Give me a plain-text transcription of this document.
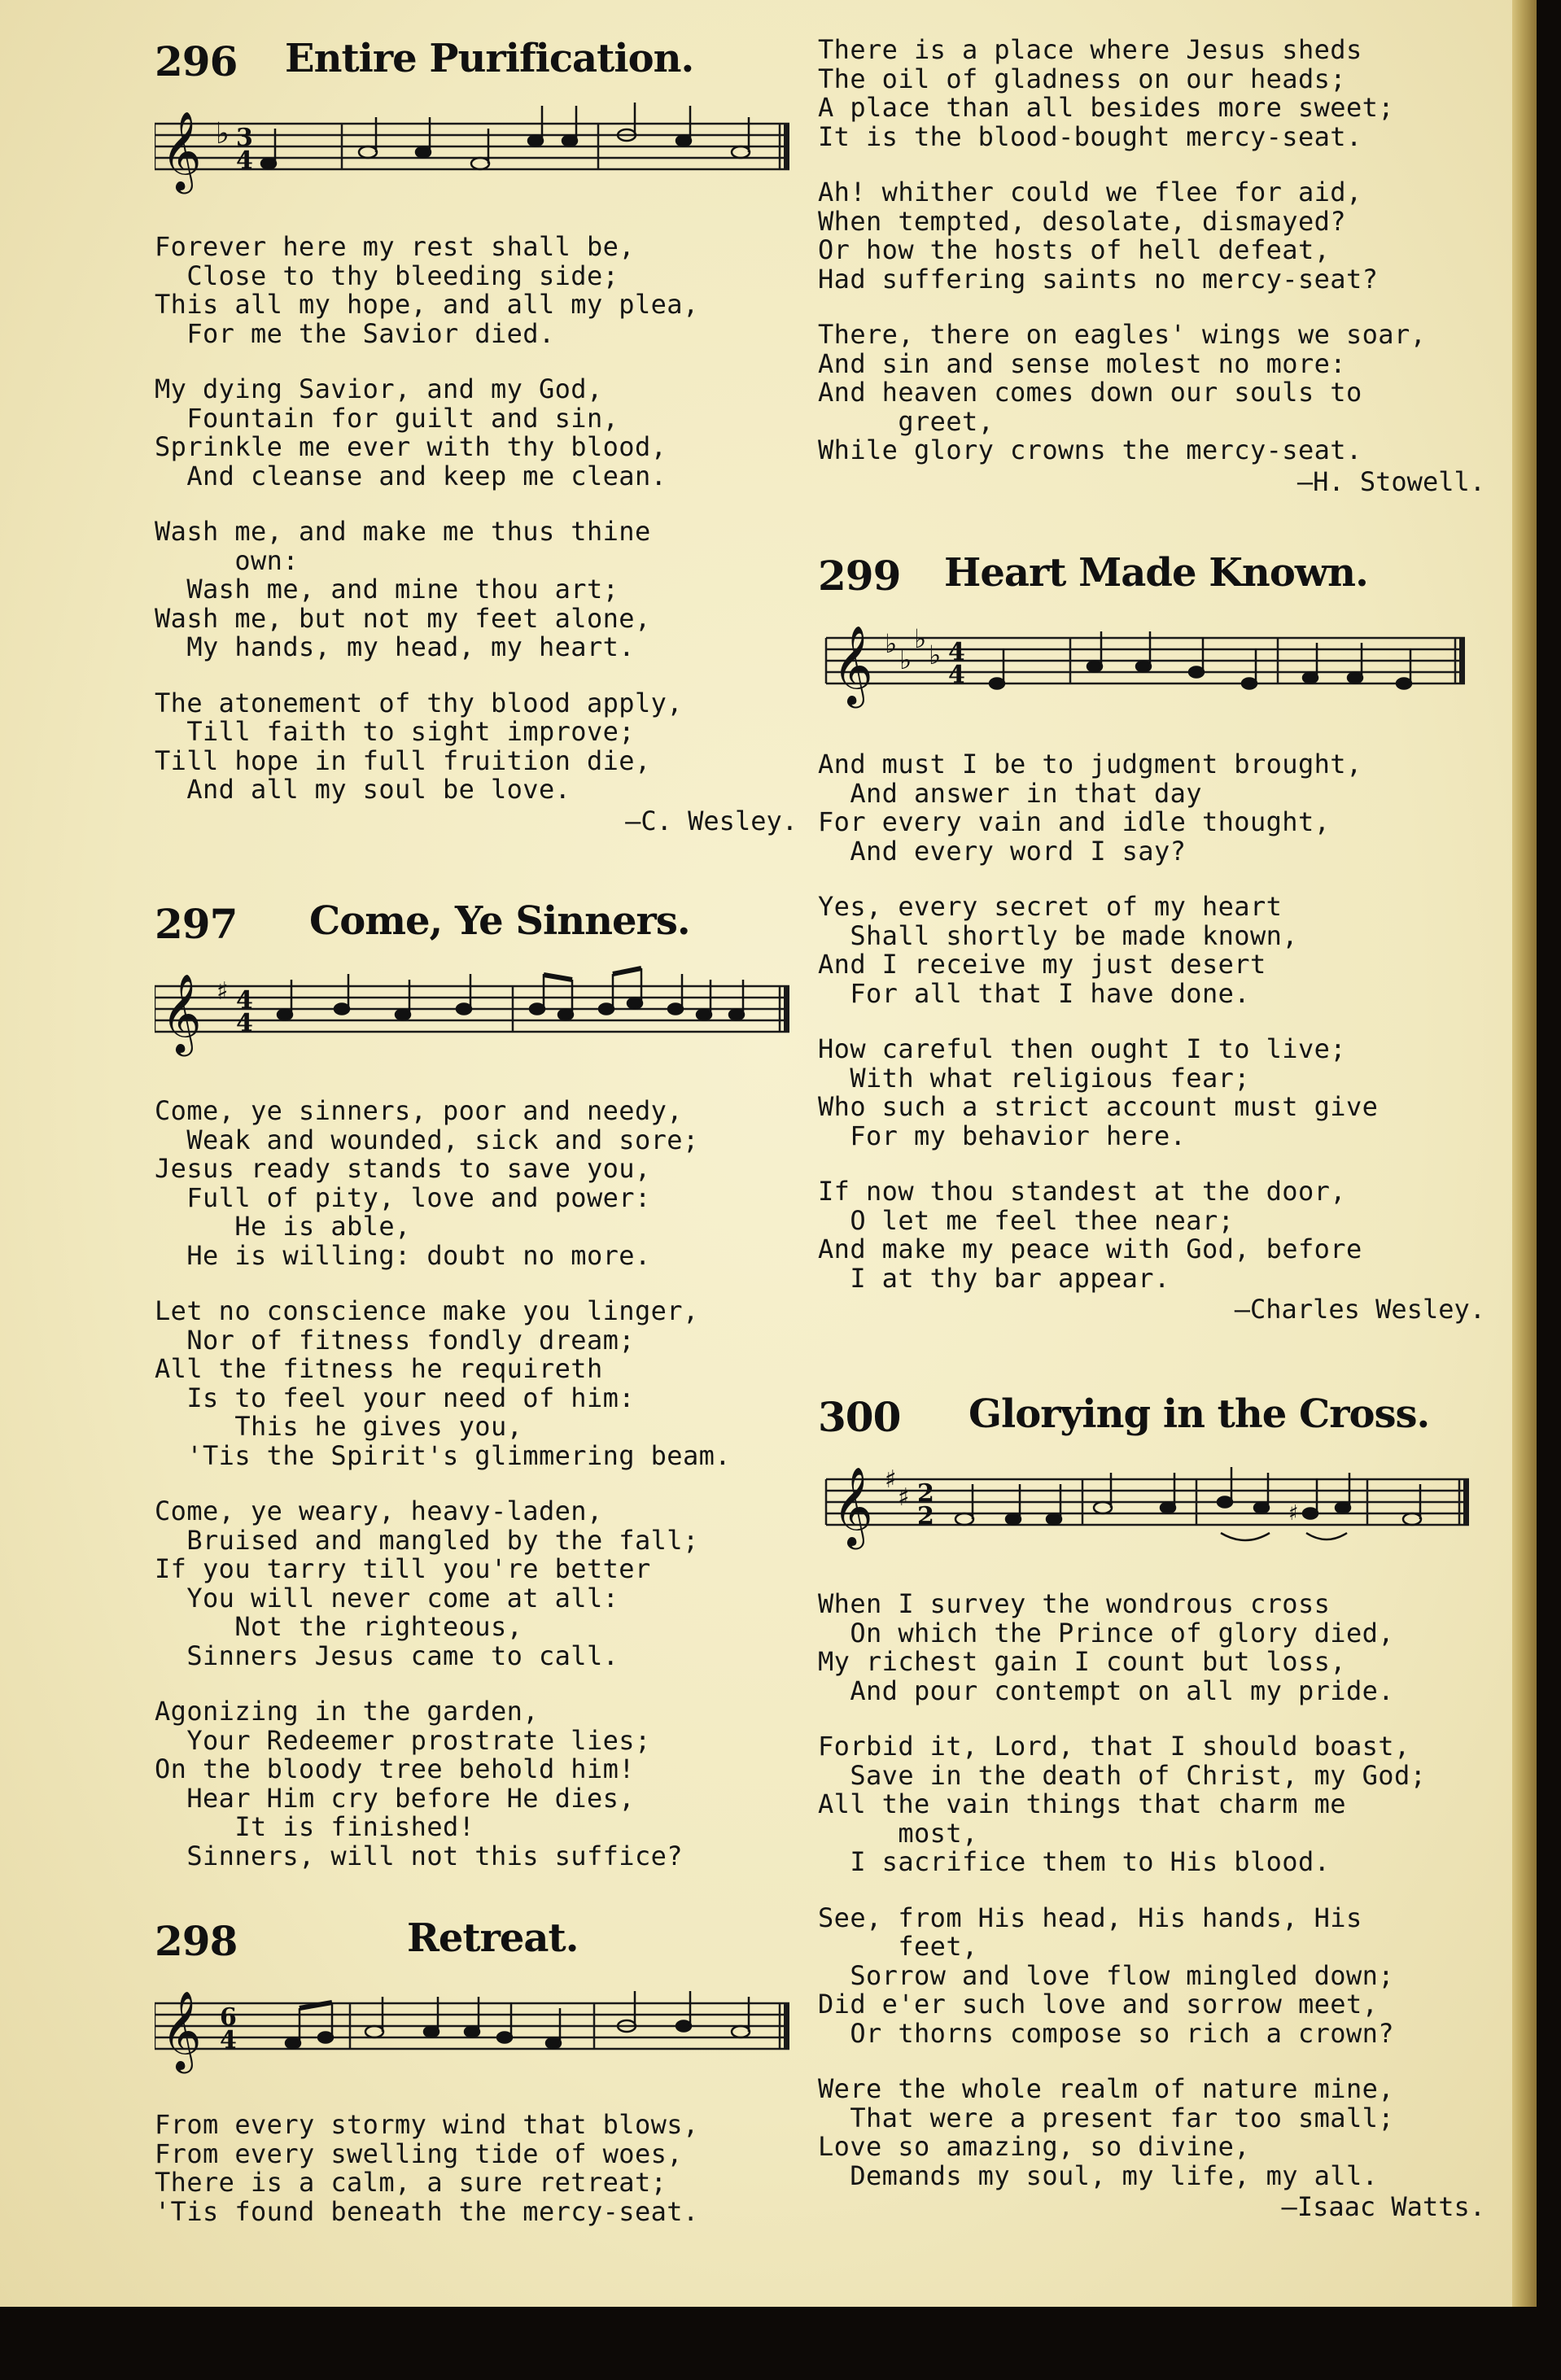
296 Entire Purification.
𝄞 ♭ 3
4

Forever here my rest shall be,
Close to thy bleeding side;
This all my hope, and all my plea,
For me the Savior died.

My dying Savior, and my God,
Fountain for guilt and sin,
Sprinkle me ever with thy blood,
And cleanse and keep me clean.

Wash me, and make me thus thine
own:
Wash me, and mine thou art;
Wash me, but not my feet alone,
My hands, my head, my heart.

The atonement of thy blood apply,
Till faith to sight improve;
Till hope in full fruition die,
And all my soul be love.

—C. Wesley.
297 Come, Ye Sinners.
𝄞 ♯ 4
4

Come, ye sinners, poor and needy,
Weak and wounded, sick and sore;
Jesus ready stands to save you,
Full of pity, love and power:
He is able,
He is willing: doubt no more.

Let no conscience make you linger,
Nor of fitness fondly dream;
All the fitness he requireth
Is to feel your need of him:
This he gives you,
'Tis the Spirit's glimmering beam.

Come, ye weary, heavy-laden,
Bruised and mangled by the fall;
If you tarry till you're better
You will never come at all:
Not the righteous,
Sinners Jesus came to call.

Agonizing in the garden,
Your Redeemer prostrate lies;
On the bloody tree behold him!
Hear Him cry before He dies,
It is finished!
Sinners, will not this suffice?

298	Retreat.
𝄞 6
4

From every stormy wind that blows,
From every swelling tide of woes,
There is a calm, a sure retreat;
'Tis found beneath the mercy-seat.

There is a place where Jesus sheds
The oil of gladness on our heads;
A place than all besides more sweet;
It is the blood-bought mercy-seat.

Ah! whither could we flee for aid,
When tempted, desolate, dismayed?
Or how the hosts of hell defeat,
Had suffering saints no mercy-seat?

There, there on eagles' wings we soar,
And sin and sense molest no more:
And heaven comes down our souls to
greet,
While glory crowns the mercy-seat.

—H. Stowell.
299 Heart Made Known.
𝄞 ♭
♭
♭
♭ 4
4

And must I be to judgment brought,
And answer in that day
For every vain and idle thought,
And every word I say?

Yes, every secret of my heart
Shall shortly be made known,
And I receive my just desert
For all that I have done.

How careful then ought I to live;
With what religious fear;
Who such a strict account must give
For my behavior here.

If now thou standest at the door,
O let me feel thee near;
And make my peace with God, before
I at thy bar appear.

—Charles Wesley.
300 Glorying in the Cross.
𝄞 ♯
♯ 2
2	♯

When I survey the wondrous cross
On which the Prince of glory died,
My richest gain I count but loss,
And pour contempt on all my pride.

Forbid it, Lord, that I should boast,
Save in the death of Christ, my God;
All the vain things that charm me
most,
I sacrifice them to His blood.

See, from His head, His hands, His
feet,
Sorrow and love flow mingled down;
Did e'er such love and sorrow meet,
Or thorns compose so rich a crown?

Were the whole realm of nature mine,
That were a present far too small;
Love so amazing, so divine,
Demands my soul, my life, my all.

—Isaac Watts.
